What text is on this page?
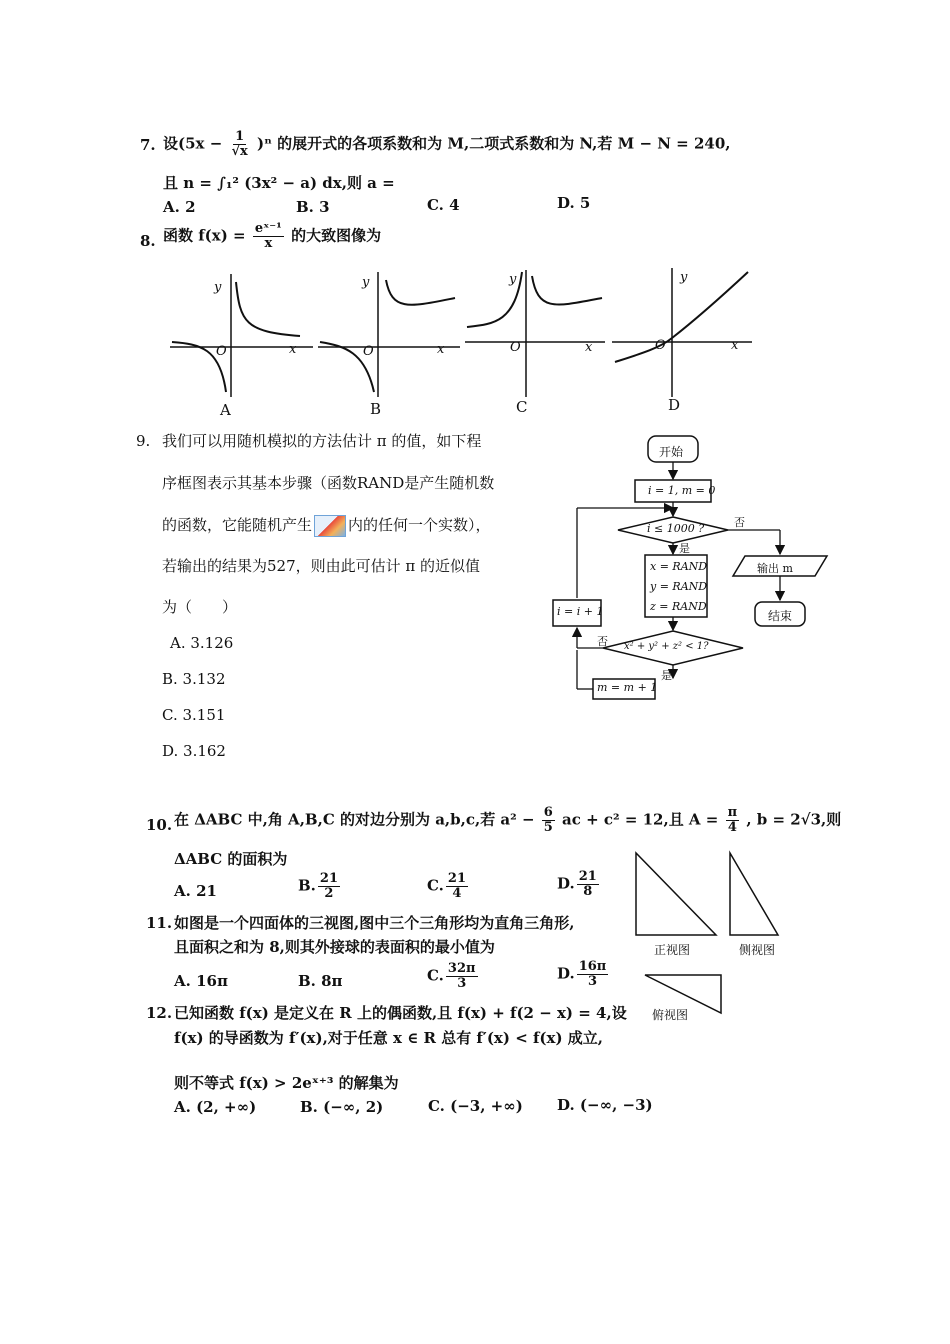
7. 设$(5x - \frac{1}{√x} )^n$ 的展开式的各项系数和为 M,二项式系数和为 N,若 M − N = 240,
且 n = ∫₁² (3x² − a) dx,则 a =
A. 2	B. 3	C. 4	D. 5
8. 函数 $f(x) = \frac{\text{eˣ⁻¹}}{x}$ 的大致图像为
y
x
O
y
x
O
y
x
O
y
x
O
A	B	C	D
9. 我们可以用随机模拟的方法估计 π 的值，如下程
序框图表示其基本步骤（函数RAND是产生随机数
的函数，它能随机产生 内的任何一个实数），
若输出的结果为527，则由此可估计 π 的近似值
为（　　）
A. 3.126
B. 3.132
C. 3.151
D. 3.162
开始
i = 1, m = 0
i ≤ 1000 ?	否
是
x = RAND
y = RAND
z = RAND
x² + y² + z² < 1?
否
是
m = m + 1
i = i + 1
输出 m
结束
10. 在 ΔABC 中,角 A,B,C 的对边分别为 a,b,c,若 $a^2 - \frac{6}{5}$ ac + c² = 12,且 $A = \frac{\pi}{4}$ , b = 2√3,则
ΔABC 的面积为
A. 21	B. $\frac{21}{2}$	C. $\frac{21}{4}$	D. $\frac{21}{8}$
11. 如图是一个四面体的三视图,图中三个三角形均为直角三角形,
且面积之和为 8,则其外接球的表面积的最小值为
A. 16π	B. 8π	C. $\frac{32\pi}{3}$	D. $\frac{16\pi}{3}$
正视图	侧视图
俯视图
12. 已知函数 f(x) 是定义在 R 上的偶函数,且 f(x) + f(2 − x) = 4,设
f(x) 的导函数为 f′(x),对于任意 x ∈ R 总有 f′(x) < f(x) 成立,
则不等式 f(x) > 2eˣ⁺³ 的解集为
A. (2, +∞)	B. (−∞, 2)	C. (−3, +∞) D. (−∞, −3)
